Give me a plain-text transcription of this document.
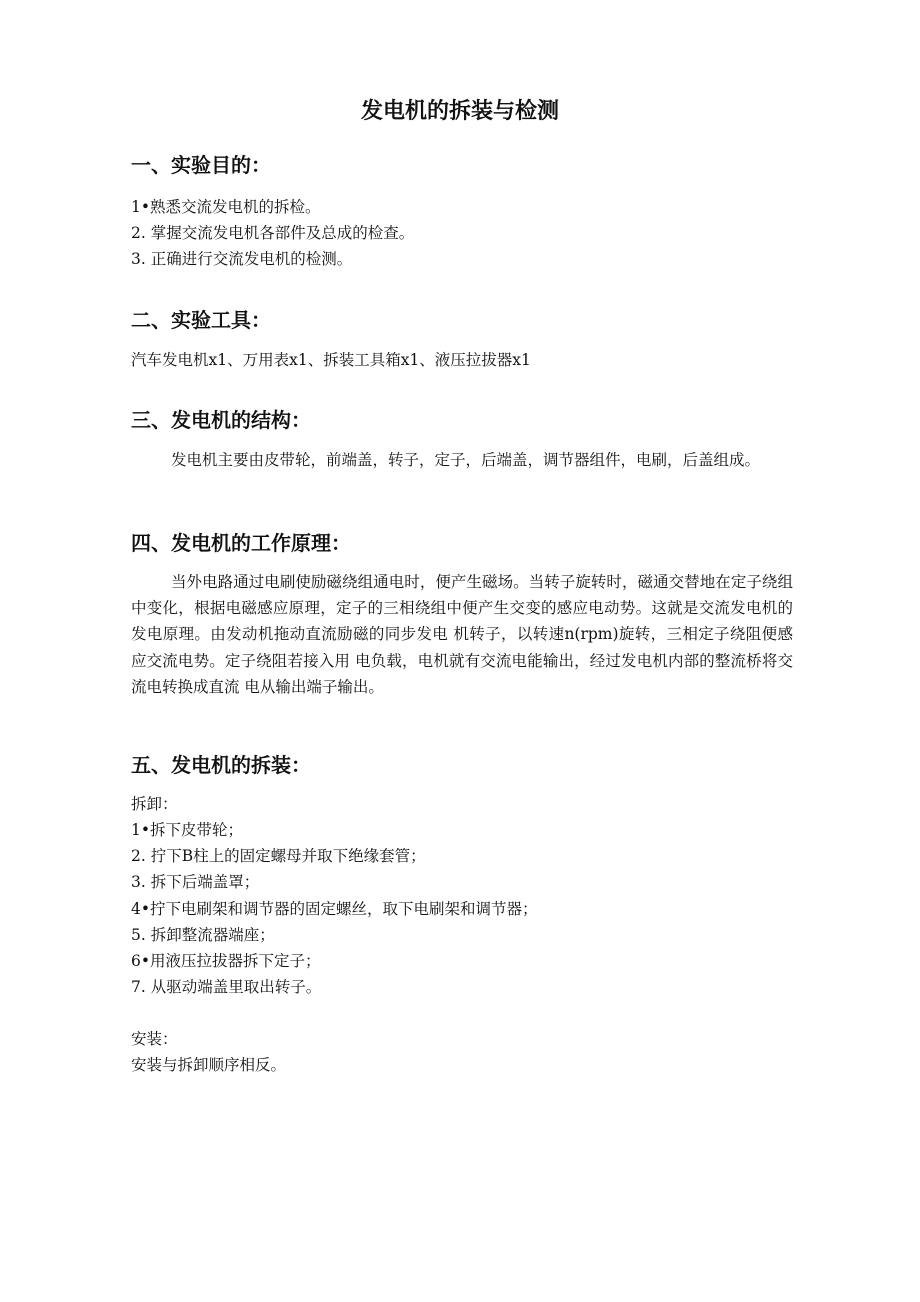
发电机的拆装与检测
一、实验目的：

1•熟悉交流发电机的拆检。

2. 掌握交流发电机各部件及总成的检查。

3. 正确进行交流发电机的检测。

二、实验工具：

汽车发电机x1、万用表x1、拆装工具箱x1、液压拉拔器x1

三、发电机的结构：

发电机主要由皮带轮，前端盖，转子，定子，后端盖，调节器组件，电刷，后盖组成。

四、发电机的工作原理：

当外电路通过电刷使励磁绕组通电时，便产生磁场。当转子旋转时，磁通交替地在定子绕组中变化，根据电磁感应原理，定子的三相绕组中便产生交变的感应电动势。这就是交流发电机的发电原理。由发动机拖动直流励磁的同步发电 机转子，以转速n(rpm)旋转，三相定子绕阻便感应交流电势。定子绕阻若接入用 电负载，电机就有交流电能输出，经过发电机内部的整流桥将交流电转换成直流 电从输出端子输出。

五、发电机的拆装：

拆卸：

1•拆下皮带轮；

2. 拧下B柱上的固定螺母并取下绝缘套管；

3. 拆下后端盖罩；

4•拧下电刷架和调节器的固定螺丝，取下电刷架和调节器；

5. 拆卸整流器端座；

6•用液压拉拔器拆下定子；

7. 从驱动端盖里取出转子。

安装：

安装与拆卸顺序相反。
